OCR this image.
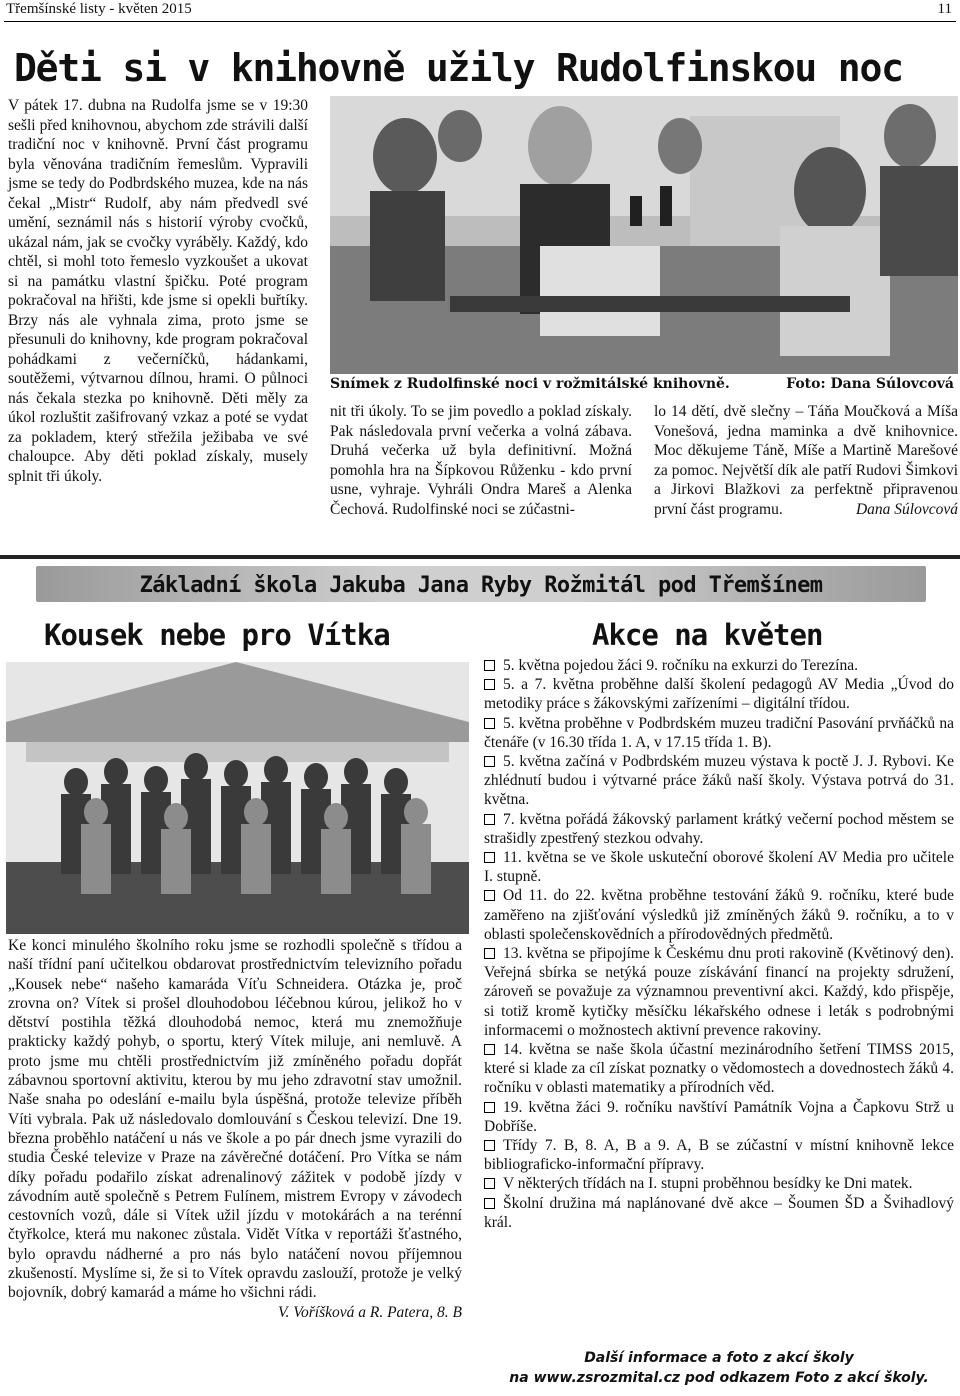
Třemšínské listy - květen 2015	11
Děti si v knihovně užily Rudolfinskou noc

V pátek 17. dubna na Rudolfa jsme se v 19:30 sešli před knihovnou, abychom zde strávili další tradiční noc v knihovně. První část programu byla věnována tradičním řemeslům. Vypravili jsme se tedy do Podbrdského muzea, kde na nás čekal „Mistr“ Rudolf, aby nám předvedl své umění, seznámil nás s historií výroby cvočků, ukázal nám, jak se cvočky vyráběly. Každý, kdo chtěl, si mohl toto řemeslo vyzkoušet a ukovat si na památku vlastní špičku. Poté program pokračoval na hřišti, kde jsme si opekli buřtíky. Brzy nás ale vyhnala zima, proto jsme se přesunuli do knihovny, kde program pokračoval pohádkami z večerníčků, hádankami, soutěžemi, výtvarnou dílnou, hrami. O půlnoci nás čekala stezka po knihovně. Děti měly za úkol rozluštit zašifrovaný vzkaz a poté se vydat za pokladem, který střežila ježibaba ve své chaloupce. Aby děti poklad získaly, musely splnit tři úkoly.

Snímek z Rudolfinské noci v rožmitálské knihovně.	Foto: Dana Súlovcová

nit tři úkoly. To se jim povedlo a poklad získaly. Pak následovala první večerka a volná zábava. Druhá večerka už byla definitivní. Možná pomohla hra na Šípkovou Růženku - kdo první usne, vyhraje. Vyhráli Ondra Mareš a Alenka Čechová. Rudolfinské noci se zúčastni-

lo 14 dětí, dvě slečny – Táňa Moučková a Míša Vonešová, jedna maminka a dvě knihovnice. Moc děkujeme Táně, Míše a Martině Marešové za pomoc. Největší dík ale patří Rudovi Šimkovi a Jirkovi Blažkovi za perfektně připravenou první část programu.	Dana Súlovcová

Základní škola Jakuba Jana Ryby Rožmitál pod Třemšínem
Kousek nebe pro Vítka

Ke konci minulého školního roku jsme se rozhodli společně s třídou a naší třídní paní učitelkou obdarovat prostřednictvím televizního pořadu „Kousek nebe“ našeho kamaráda Víťu Schneidera. Otázka je, proč zrovna on? Vítek si prošel dlouhodobou léčebnou kúrou, jelikož ho v dětství postihla těžká dlouhodobá nemoc, která mu znemožňuje prakticky každý pohyb, o sportu, který Vítek miluje, ani nemluvě. A proto jsme mu chtěli prostřednictvím již zmíněného pořadu dopřát zábavnou sportovní aktivitu, kterou by mu jeho zdravotní stav umožnil. Naše snaha po odeslání e-mailu byla úspěšná, protože televize příběh Víti vybrala. Pak už následovalo domlouvání s Českou televizí. Dne 19. března proběhlo natáčení u nás ve škole a po pár dnech jsme vyrazili do studia České televize v Praze na závěrečné dotáčení. Pro Vítka se nám díky pořadu podařilo získat adrenalinový zážitek v podobě jízdy v závodním autě společně s Petrem Fulínem, mistrem Evropy v závodech cestovních vozů, dále si Vítek užil jízdu v motokárách a na terénní čtyřkolce, která mu nakonec zůstala. Vidět Vítka v reportáži šťastného, bylo opravdu nádherné a pro nás bylo natáčení novou příjemnou zkušeností. Myslíme si, že si to Vítek opravdu zaslouží, protože je velký bojovník, dobrý kamarád a máme ho všichni rádi.
V. Voříšková a R. Patera, 8. B

Akce na květen
5. května pojedou žáci 9. ročníku na exkurzi do Terezína.
5. a 7. května proběhne další školení pedagogů AV Media „Úvod do metodiky práce s žákovskými zařízeními – digitální třídou.
5. května proběhne v Podbrdském muzeu tradiční Pasování prvňáčků na čtenáře (v 16.30 třída 1. A, v 17.15 třída 1. B).
5. května začíná v Podbrdském muzeu výstava k poctě J. J. Rybovi. Ke zhlédnutí budou i výtvarné práce žáků naší školy. Výstava potrvá do 31. května.
7. května pořádá žákovský parlament krátký večerní pochod městem se strašidly zpestřený stezkou odvahy.
11. května se ve škole uskuteční oborové školení AV Media pro učitele I. stupně.
Od 11. do 22. května proběhne testování žáků 9. ročníku, které bude zaměřeno na zjišťování výsledků již zmíněných žáků 9. ročníku, a to v oblasti společenskovědních a přírodovědných předmětů.
13. května se připojíme k Českému dnu proti rakovině (Květinový den). Veřejná sbírka se netýká pouze získávání financí na projekty sdružení, zároveň se považuje za významnou preventivní akci. Každý, kdo přispěje, si totiž kromě kytičky měsíčku lékařského odnese i leták s podrobnými informacemi o možnostech aktivní prevence rakoviny.
14. května se naše škola účastní mezinárodního šetření TIMSS 2015, které si klade za cíl získat poznatky o vědomostech a dovednostech žáků 4. ročníku v oblasti matematiky a přírodních věd.
19. května žáci 9. ročníku navštíví Památník Vojna a Čapkovu Strž u Dobříše.
Třídy 7. B, 8. A, B a 9. A, B se zúčastní v místní knihovně lekce bibliograficko-informační přípravy.
V některých třídách na I. stupni proběhnou besídky ke Dni matek.
Školní družina má naplánované dvě akce – Šoumen ŠD a Švihadlový král.
Další informace a foto z akcí školy
na www.zsrozmital.cz pod odkazem Foto z akcí školy.
